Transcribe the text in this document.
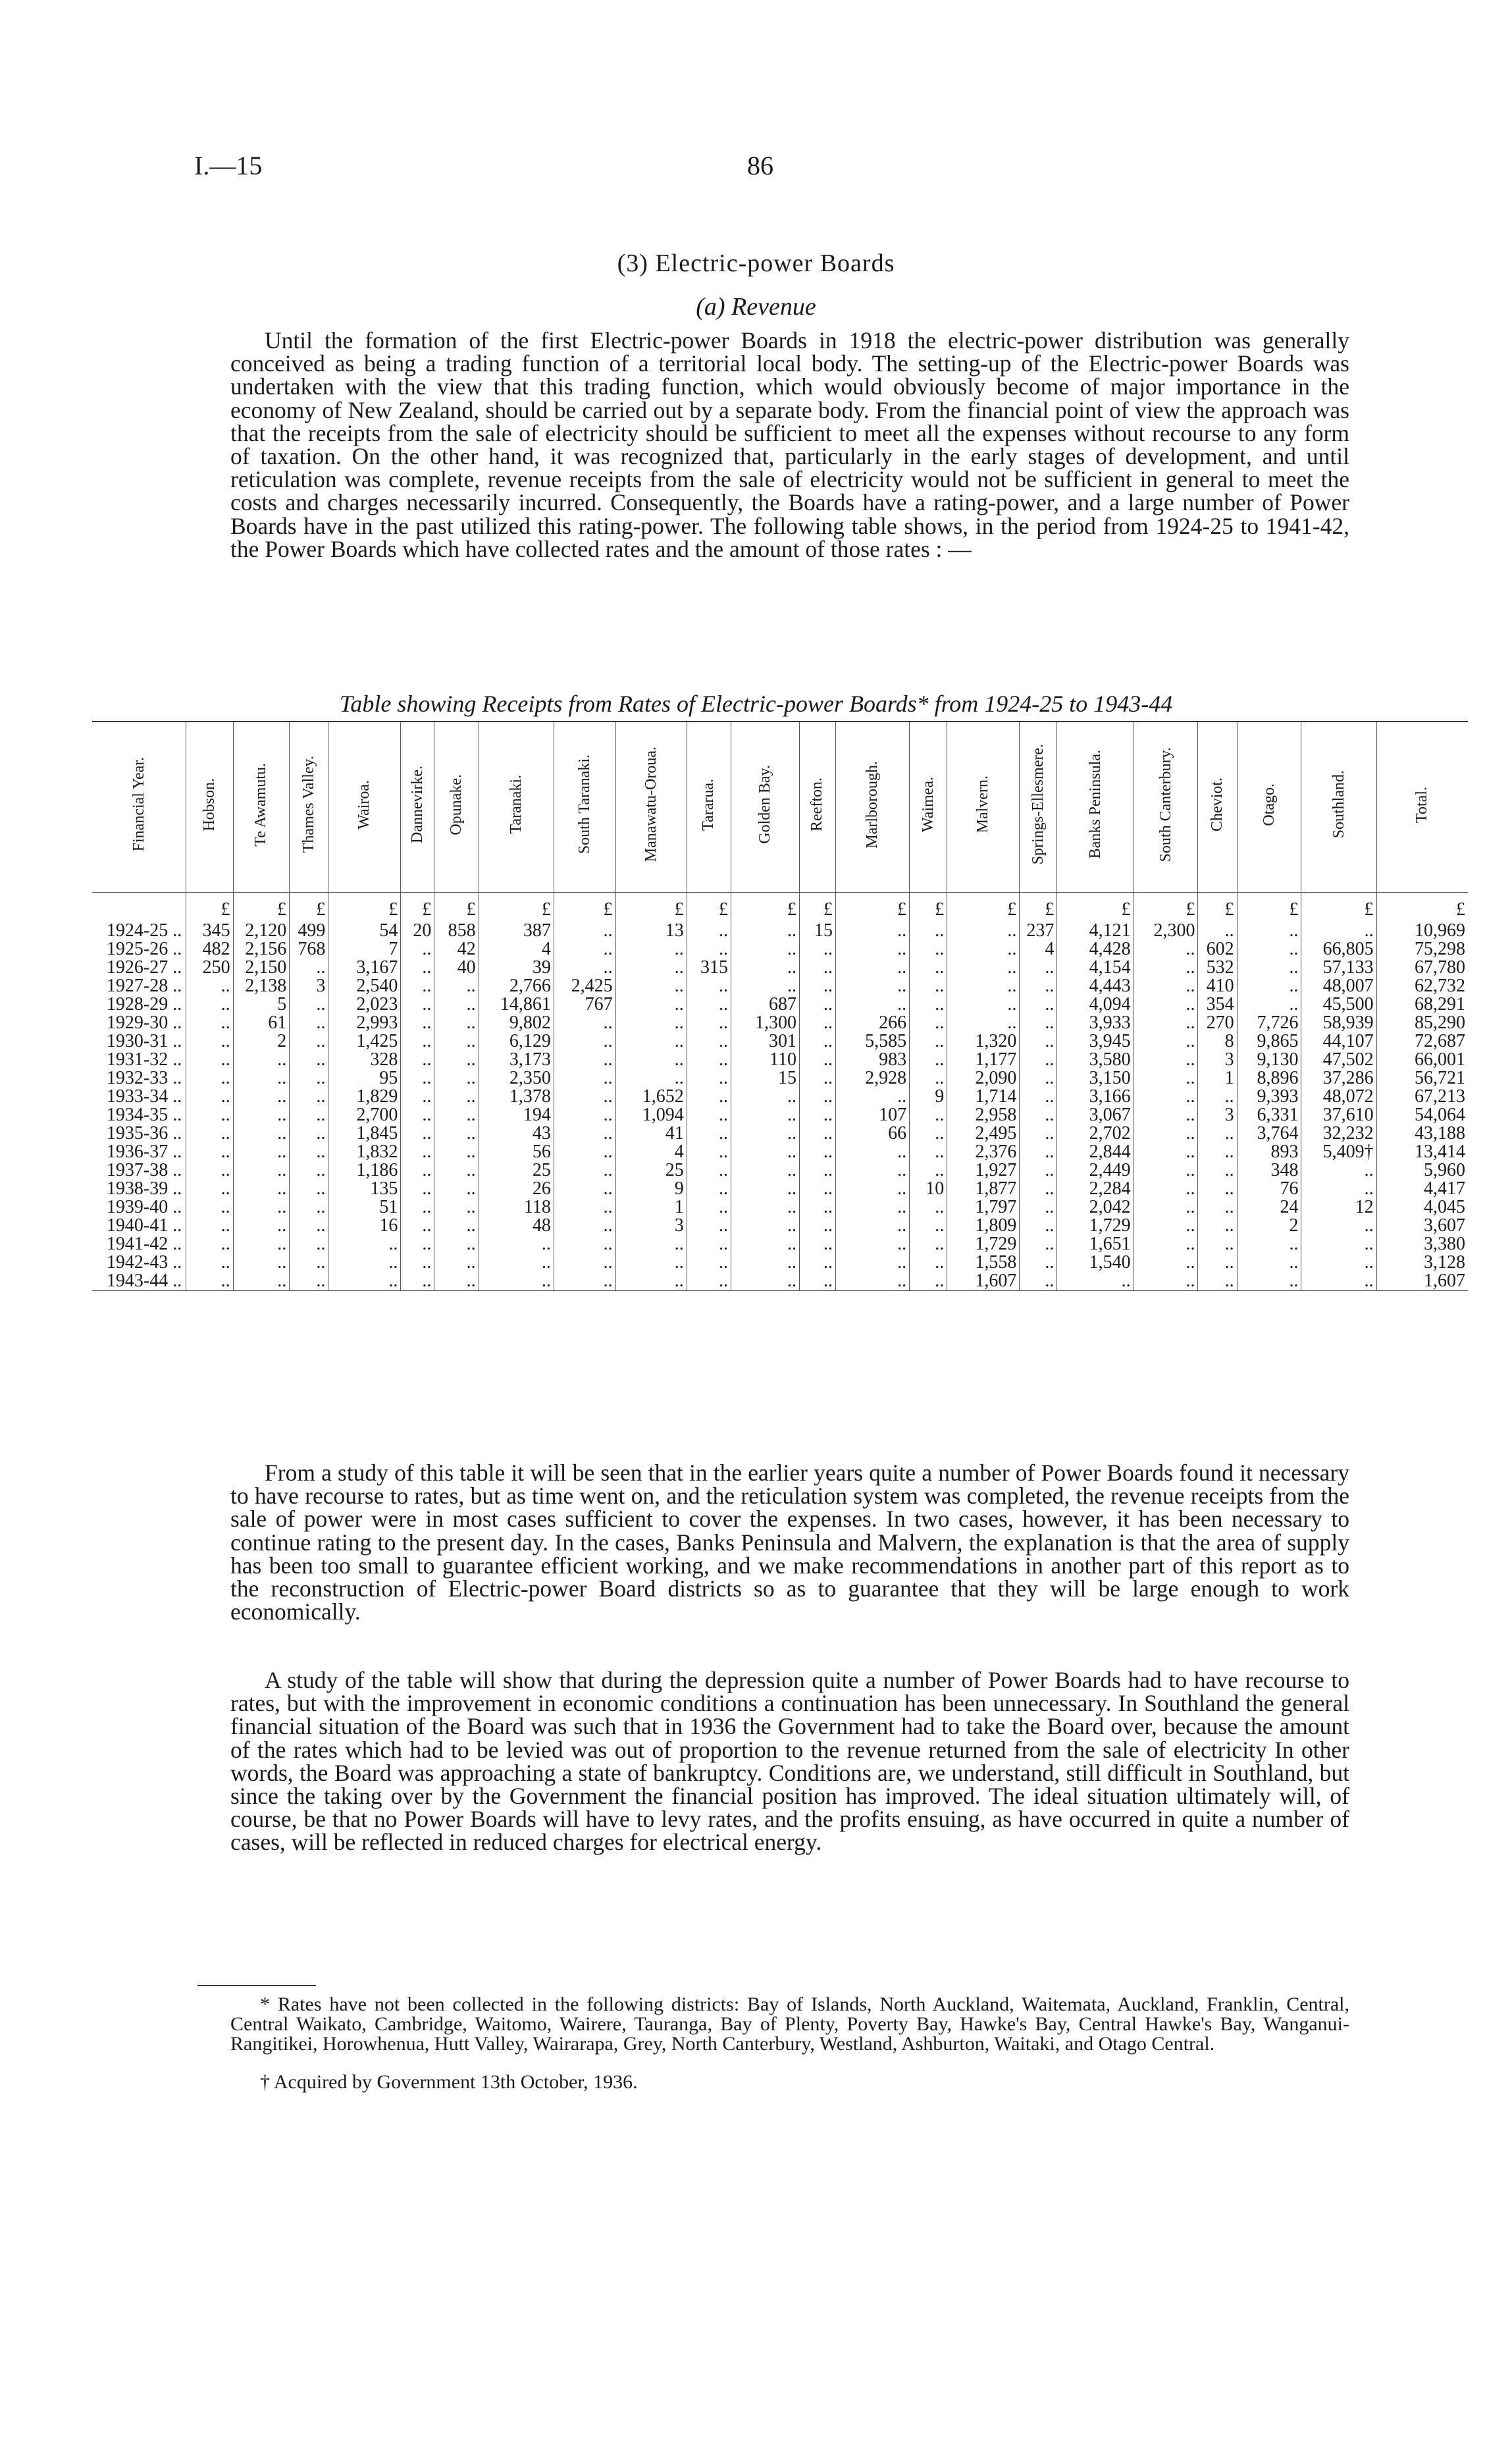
I.—15	86
(3) Electric-power Boards
(a) Revenue

Until the formation of the first Electric-power Boards in 1918 the electric-power distribution was generally conceived as being a trading function of a territorial local body. The setting-up of the Electric-power Boards was undertaken with the view that this trading function, which would obviously become of major importance in the economy of New Zealand, should be carried out by a separate body. From the financial point of view the approach was that the receipts from the sale of electricity should be sufficient to meet all the expenses without recourse to any form of taxation. On the other hand, it was recognized that, particularly in the early stages of development, and until reticulation was complete, revenue receipts from the sale of electricity would not be sufficient in general to meet the costs and charges necessarily incurred. Consequently, the Boards have a rating-power, and a large number of Power Boards have in the past utilized this rating-power. The following table shows, in the period from 1924-25 to 1941-42, the Power Boards which have collected rates and the amount of those rates : —

Table showing Receipts from Rates of Electric-power Boards* from 1924-25 to 1943-44
Financial Year.	Hobson.	Te Awamutu.	Thames Valley.	Wairoa.	Dannevirke.	Opunake.	Taranaki.	South Taranaki.	Manawatu-Oroua.	Tararua.	Golden Bay.	Reefton.	Marlborough.	Waimea.	Malvern.	Springs-Ellesmere.	Banks Peninsula.	South Canterbury.	Cheviot.	Otago.	Southland.	Total.
	£	£	£	£	£	£	£	£	£	£	£	£	£	£	£	£	£	£	£	£	£	£
1924-25 ..	345	2,120	499	54	20	858	387	..	13	..	..	15	..	..	..	237	4,121	2,300	..	..	..	10,969
1925-26 ..	482	2,156	768	7	..	42	4	..	..	..	..	..	..	..	..	4	4,428	..	602	..	66,805	75,298
1926-27 ..	250	2,150	..	3,167	..	40	39	..	..	315	..	..	..	..	..	..	4,154	..	532	..	57,133	67,780
1927-28 ..	..	2,138	3	2,540	..	..	2,766	2,425	..	..	..	..	..	..	..	..	4,443	..	410	..	48,007	62,732
1928-29 ..	..	5	..	2,023	..	..	14,861	767	..	..	687	..	..	..	..	..	4,094	..	354	..	45,500	68,291
1929-30 ..	..	61	..	2,993	..	..	9,802	..	..	..	1,300	..	266	..	..	..	3,933	..	270	7,726	58,939	85,290
1930-31 ..	..	2	..	1,425	..	..	6,129	..	..	..	301	..	5,585	..	1,320	..	3,945	..	8	9,865	44,107	72,687
1931-32 ..	..	..	..	328	..	..	3,173	..	..	..	110	..	983	..	1,177	..	3,580	..	3	9,130	47,502	66,001
1932-33 ..	..	..	..	95	..	..	2,350	..	..	..	15	..	2,928	..	2,090	..	3,150	..	1	8,896	37,286	56,721
1933-34 ..	..	..	..	1,829	..	..	1,378	..	1,652	..	..	..	..	9	1,714	..	3,166	..	..	9,393	48,072	67,213
1934-35 ..	..	..	..	2,700	..	..	194	..	1,094	..	..	..	107	..	2,958	..	3,067	..	3	6,331	37,610	54,064
1935-36 ..	..	..	..	1,845	..	..	43	..	41	..	..	..	66	..	2,495	..	2,702	..	..	3,764	32,232	43,188
1936-37 ..	..	..	..	1,832	..	..	56	..	4	..	..	..	..	..	2,376	..	2,844	..	..	893	5,409†	13,414
1937-38 ..	..	..	..	1,186	..	..	25	..	25	..	..	..	..	..	1,927	..	2,449	..	..	348	..	5,960
1938-39 ..	..	..	..	135	..	..	26	..	9	..	..	..	..	10	1,877	..	2,284	..	..	76	..	4,417
1939-40 ..	..	..	..	51	..	..	118	..	1	..	..	..	..	..	1,797	..	2,042	..	..	24	12	4,045
1940-41 ..	..	..	..	16	..	..	48	..	3	..	..	..	..	..	1,809	..	1,729	..	..	2	..	3,607
1941-42 ..	..	..	..	..	..	..	..	..	..	..	..	..	..	..	1,729	..	1,651	..	..	..	..	3,380
1942-43 ..	..	..	..	..	..	..	..	..	..	..	..	..	..	..	1,558	..	1,540	..	..	..	..	3,128
1943-44 ..	..	..	..	..	..	..	..	..	..	..	..	..	..	..	1,607	..	..	..	..	..	..	1,607

From a study of this table it will be seen that in the earlier years quite a number of Power Boards found it necessary to have recourse to rates, but as time went on, and the reticulation system was completed, the revenue receipts from the sale of power were in most cases sufficient to cover the expenses. In two cases, however, it has been necessary to continue rating to the present day. In the cases, Banks Peninsula and Malvern, the explanation is that the area of supply has been too small to guarantee efficient working, and we make recommendations in another part of this report as to the reconstruction of Electric-power Board districts so as to guarantee that they will be large enough to work economically.

A study of the table will show that during the depression quite a number of Power Boards had to have recourse to rates, but with the improvement in economic conditions a continuation has been unnecessary. In Southland the general financial situation of the Board was such that in 1936 the Government had to take the Board over, because the amount of the rates which had to be levied was out of proportion to the revenue returned from the sale of electricity In other words, the Board was approaching a state of bankruptcy. Conditions are, we understand, still difficult in Southland, but since the taking over by the Government the financial position has improved. The ideal situation ultimately will, of course, be that no Power Boards will have to levy rates, and the profits ensuing, as have occurred in quite a number of cases, will be reflected in reduced charges for electrical energy.

* Rates have not been collected in the following districts: Bay of Islands, North Auckland, Waitemata, Auckland, Franklin, Central, Central Waikato, Cambridge, Waitomo, Wairere, Tauranga, Bay of Plenty, Poverty Bay, Hawke's Bay, Central Hawke's Bay, Wanganui- Rangitikei, Horowhenua, Hutt Valley, Wairarapa, Grey, North Canterbury, Westland, Ashburton, Waitaki, and Otago Central.

† Acquired by Government 13th October, 1936.
